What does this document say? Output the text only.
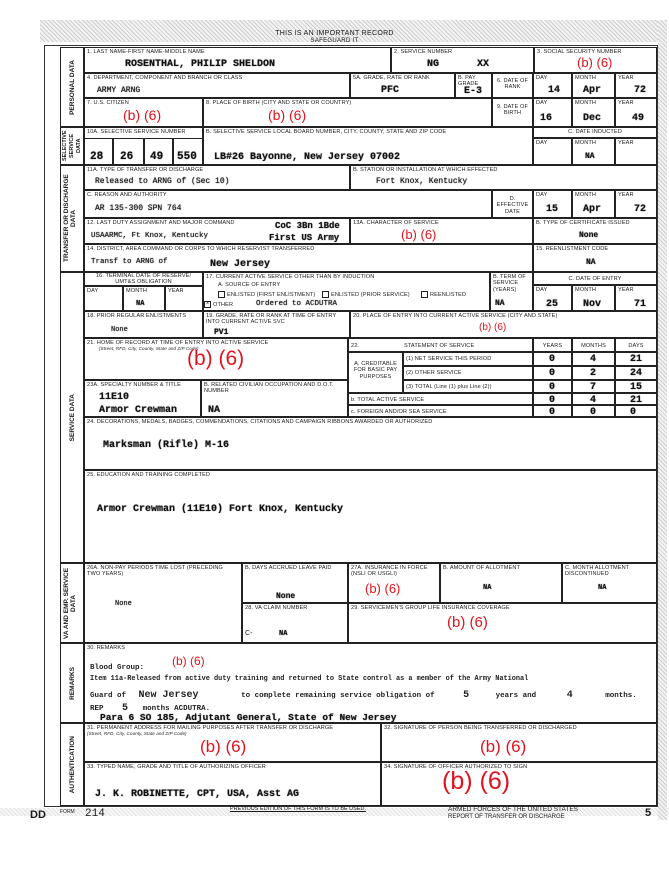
THIS IS AN IMPORTANT RECORD
SAFEGUARD IT
PERSONAL DATA
SELECTIVE SERVICE DATA
TRANSFER OR DISCHARGE DATA
SERVICE DATA
VA AND EMP. SERVICE DATA
REMARKS
AUTHENTICATION
1. LAST NAME-FIRST NAME-MIDDLE NAME
ROSENTHAL, PHILIP SHELDON
2. SERVICE NUMBER
NG	XX
3. SOCIAL SECURITY NUMBER
(b) (6)
4. DEPARTMENT, COMPONENT AND BRANCH OR CLASS
ARMY ARNG
5A. GRADE, RATE OR RANK
PFC
B. PAY GRADE
E-3
6. DATE OF RANK
DAY
14
MONTH
Apr
YEAR
72
7. U.S. CITIZEN
(b) (6)
8. PLACE OF BIRTH (CITY AND STATE OR COUNTRY)
(b) (6)	9. DATE OF BIRTH
DAY
16
MONTH
Dec
YEAR
49
10A. SELECTIVE SERVICE NUMBER
28 26 49 550
B. SELECTIVE SERVICE LOCAL BOARD NUMBER, CITY, COUNTY, STATE AND ZIP CODE
LB#26 Bayonne, New Jersey 07002
C. DATE INDUCTED
DAY	MONTH
NA
YEAR
11A. TYPE OF TRANSFER OR DISCHARGE
Released to ARNG of (Sec 10)
B. STATION OR INSTALLATION AT WHICH EFFECTED
Fort Knox, Kentucky
C. REASON AND AUTHORITY
AR 135-300 SPN 764
D. EFFECTIVE DATE
DAY
15
MONTH
Apr
YEAR
72
12. LAST DUTY ASSIGNMENT AND MAJOR COMMAND
USAARMC, Ft Knox, Kentucky
CoC 3Bn 1Bde
First US Army
13A. CHARACTER OF SERVICE
(b) (6)
B. TYPE OF CERTIFICATE ISSUED
None
14. DISTRICT, AREA COMMAND OR CORPS TO WHICH RESERVIST TRANSFERRED
Transf to ARNG of	New Jersey
15. REENLISTMENT CODE
NA
16. TERMINAL DATE OF RESERVE/ UMT&S OBLIGATION
DAY	MONTH
NA
YEAR
17. CURRENT ACTIVE SERVICE OTHER THAN BY INDUCTION
A. SOURCE OF ENTRY
ENLISTED (FIRST ENLISTMENT)	ENLISTED (PRIOR SERVICE)	REENLISTED
× OTHER	Ordered to ACDUTRA
B. TERM OF SERVICE (YEARS)
NA
C. DATE OF ENTRY
DAY
25
MONTH
Nov
YEAR
71
18. PRIOR REGULAR ENLISTMENTS
None
19. GRADE, RATE OR RANK AT TIME OF ENTRY INTO CURRENT ACTIVE SVC
PV1
20. PLACE OF ENTRY INTO CURRENT ACTIVE SERVICE (CITY AND STATE)
(b) (6)
21. HOME OF RECORD AT TIME OF ENTRY INTO ACTIVE SERVICE
(Street, RFD, City, County, State and ZIP Code)
(b) (6)
23A. SPECIALTY NUMBER & TITLE
11E10
Armor Crewman
B. RELATED CIVILIAN OCCUPATION AND D.O.T. NUMBER
NA
22.	STATEMENT OF SERVICE	YEARS	MONTHS	DAYS
A. CREDITABLE FOR BASIC PAY PURPOSES
(1) NET SERVICE THIS PERIOD	0	4	21
(2) OTHER SERVICE	0	2	24
(3) TOTAL (Line (1) plus Line (2))	0	7	15
b. TOTAL ACTIVE SERVICE	0	4	21
c. FOREIGN AND/OR SEA SERVICE	0	0	0
24. DECORATIONS, MEDALS, BADGES, COMMENDATIONS, CITATIONS AND CAMPAIGN RIBBONS AWARDED OR AUTHORIZED
Marksman (Rifle) M-16
25. EDUCATION AND TRAINING COMPLETED
Armor Crewman (11E10) Fort Knox, Kentucky
26A. NON-PAY PERIODS TIME LOST (PRECEDING TWO YEARS)
None
B. DAYS ACCRUED LEAVE PAID
None
27A. INSURANCE IN FORCE (NSLI OR USGLI)
(b) (6)
B. AMOUNT OF ALLOTMENT
NA
C. MONTH ALLOTMENT DISCONTINUED
NA
28. VA CLAIM NUMBER
C-	NA
29. SERVICEMEN'S GROUP LIFE INSURANCE COVERAGE
(b) (6)
30. REMARKS
Blood Group: (b) (6)
Item 11a-Released from active duty training and returned to State control as a member of the Army National
Guard of New Jersey	to complete remaining service obligation of	5	years and	4	months.
REP 5 months ACDUTRA.
Para 6 SO 185, Adjutant General, State of New Jersey
31. PERMANENT ADDRESS FOR MAILING PURPOSES AFTER TRANSFER OR DISCHARGE
(Street, RFD, City, County, State and ZIP Code)
(b) (6)
32. SIGNATURE OF PERSON BEING TRANSFERRED OR DISCHARGED
(b) (6)
33. TYPED NAME, GRADE AND TITLE OF AUTHORIZING OFFICER
J. K. ROBINETTE, CPT, USA, Asst AG
34. SIGNATURE OF OFFICER AUTHORIZED TO SIGN
(b) (6)
DD	FORM 214	PREVIOUS EDITION OF THIS FORM IS TO BE USED.	ARMED FORCES OF THE UNITED STATES
REPORT OF TRANSFER OR DISCHARGE	5
